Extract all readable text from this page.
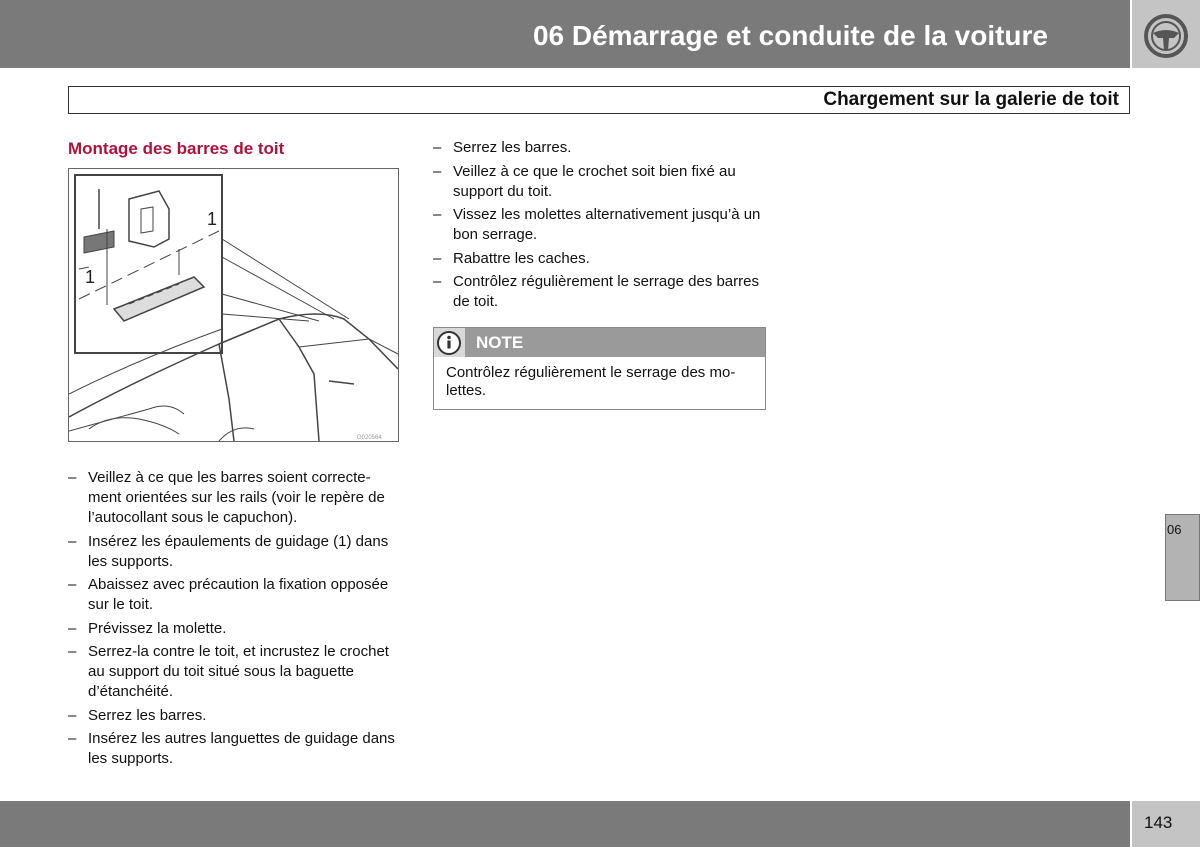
06 Démarrage et conduite de la voiture
Chargement sur la galerie de toit
Montage des barres de toit
1
1
G020564
– Veillez à ce que les barres soient correctement orientées sur les rails (voir le repère de l’autocollant sous le capuchon).
– Insérez les épaulements de guidage (1) dans les supports.
– Abaissez avec précaution la fixation opposée sur le toit.
– Prévissez la molette.
– Serrez-la contre le toit, et incrustez le crochet au support du toit situé sous la baguette d’étanchéité.
– Serrez les barres.
– Insérez les autres languettes de guidage dans les supports.
– Serrez les barres.
– Veillez à ce que le crochet soit bien fixé au support du toit.
– Vissez les molettes alternativement jusqu’à un bon serrage.
– Rabattre les caches.
– Contrôlez régulièrement le serrage des barres de toit.
NOTE
Contrôlez régulièrement le serrage des molettes.
06
143
